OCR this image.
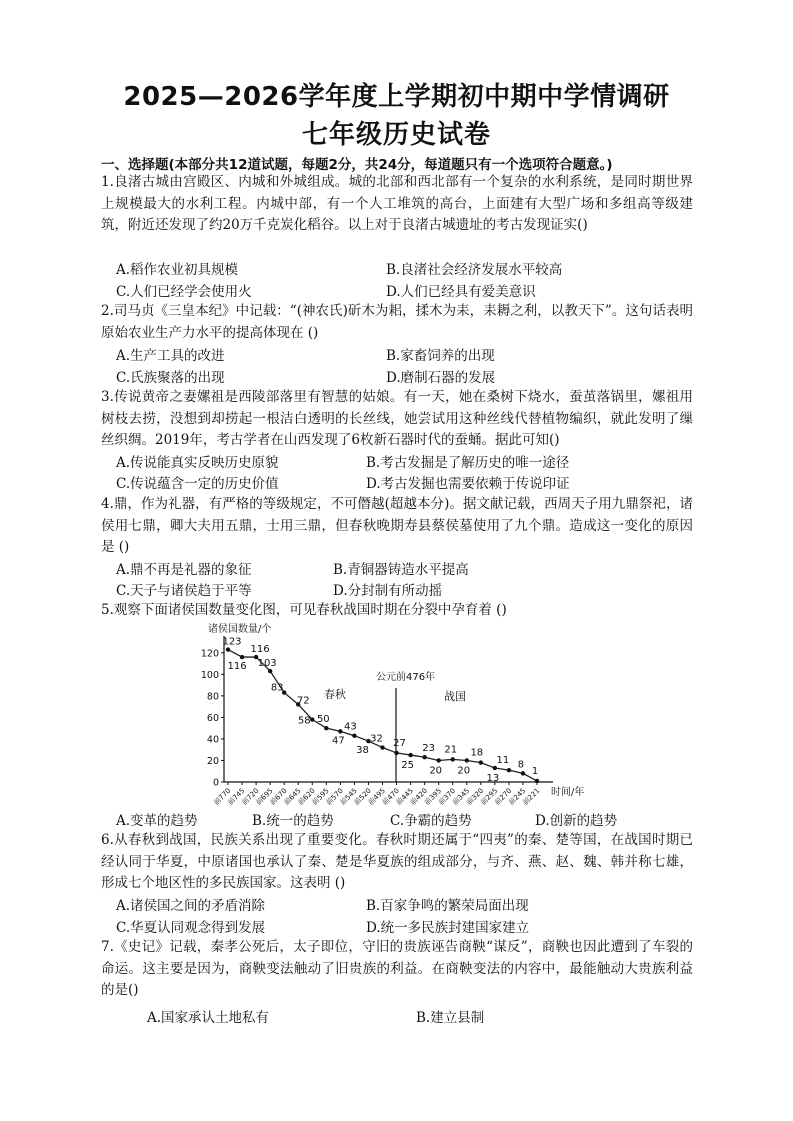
2025—2026学年度上学期初中期中学情调研
七年级历史试卷
一、选择题(本部分共12道试题，每题2分，共24分，每道题只有一个选项符合题意。)
1.良渚古城由宫殿区、内城和外城组成。城的北部和西北部有一个复杂的水利系统，是同时期世界上规模最大的水利工程。内城中部，有一个人工堆筑的高台，上面建有大型广场和多组高等级建筑，附近还发现了约20万千克炭化稻谷。以上对于良渚古城遗址的考古发现证实()
A.稻作农业初具规模	B.良渚社会经济发展水平较高
C.人们已经学会使用火	D.人们已经具有爱美意识
2.司马贞《三皇本纪》中记载：“(神农氏)斫木为耜，揉木为耒，耒耨之利，以教天下”。这句话表明原始农业生产力水平的提高体现在 ()
A.生产工具的改进	B.家畜饲养的出现
C.氏族聚落的出现	D.磨制石器的发展
3.传说黄帝之妻嫘祖是西陵部落里有智慧的姑娘。有一天，她在桑树下烧水，蚕茧落锅里，嫘祖用树枝去捞，没想到却捞起一根洁白透明的长丝线，她尝试用这种丝线代替植物编织，就此发明了缫丝织绸。2019年，考古学者在山西发现了6枚新石器时代的蚕蛹。据此可知()
A.传说能真实反映历史原貌	B.考古发掘是了解历史的唯一途径
C.传说蕴含一定的历史价值	D.考古发掘也需要依赖于传说印证
4.鼎，作为礼器，有严格的等级规定，不可僭越(超越本分)。据文献记载，西周天子用九鼎祭祀，诸侯用七鼎，卿大夫用五鼎，士用三鼎，但春秋晚期寿县蔡侯墓使用了九个鼎。造成这一变化的原因是 ()
A.鼎不再是礼器的象征	B.青铜器铸造水平提高
C.天子与诸侯趋于平等	D.分封制有所动摇
5.观察下面诸侯国数量变化图，可见春秋战国时期在分裂中孕育着 ()
诸侯国数量/个
时间/年
公元前476年
春秋	战国
0
20
40
60
80
100
120
前770
前745
前720
前695
前670
前645
前620
前595
前570
前545
前520
前495
前470
前445
前420
前395
前370
前345
前320
前295
前270
前245
前221
123
116
116
103
83
72
58 50
47
43
38
32 27
25
23
20
21
20
18
13
11 8
1
A.变革的趋势	B.统一的趋势	C.争霸的趋势	D.创新的趋势
6.从春秋到战国，民族关系出现了重要变化。春秋时期还属于“四夷”的秦、楚等国，在战国时期已经认同于华夏，中原诸国也承认了秦、楚是华夏族的组成部分，与齐、燕、赵、魏、韩并称七雄，形成七个地区性的多民族国家。这表明 ()
A.诸侯国之间的矛盾消除	B.百家争鸣的繁荣局面出现
C.华夏认同观念得到发展	D.统一多民族封建国家建立
7.《史记》记载，秦孝公死后，太子即位，守旧的贵族诬告商鞅“谋反”，商鞅也因此遭到了车裂的命运。这主要是因为，商鞅变法触动了旧贵族的利益。在商鞅变法的内容中，最能触动大贵族利益的是()
A.国家承认土地私有	B.建立县制
